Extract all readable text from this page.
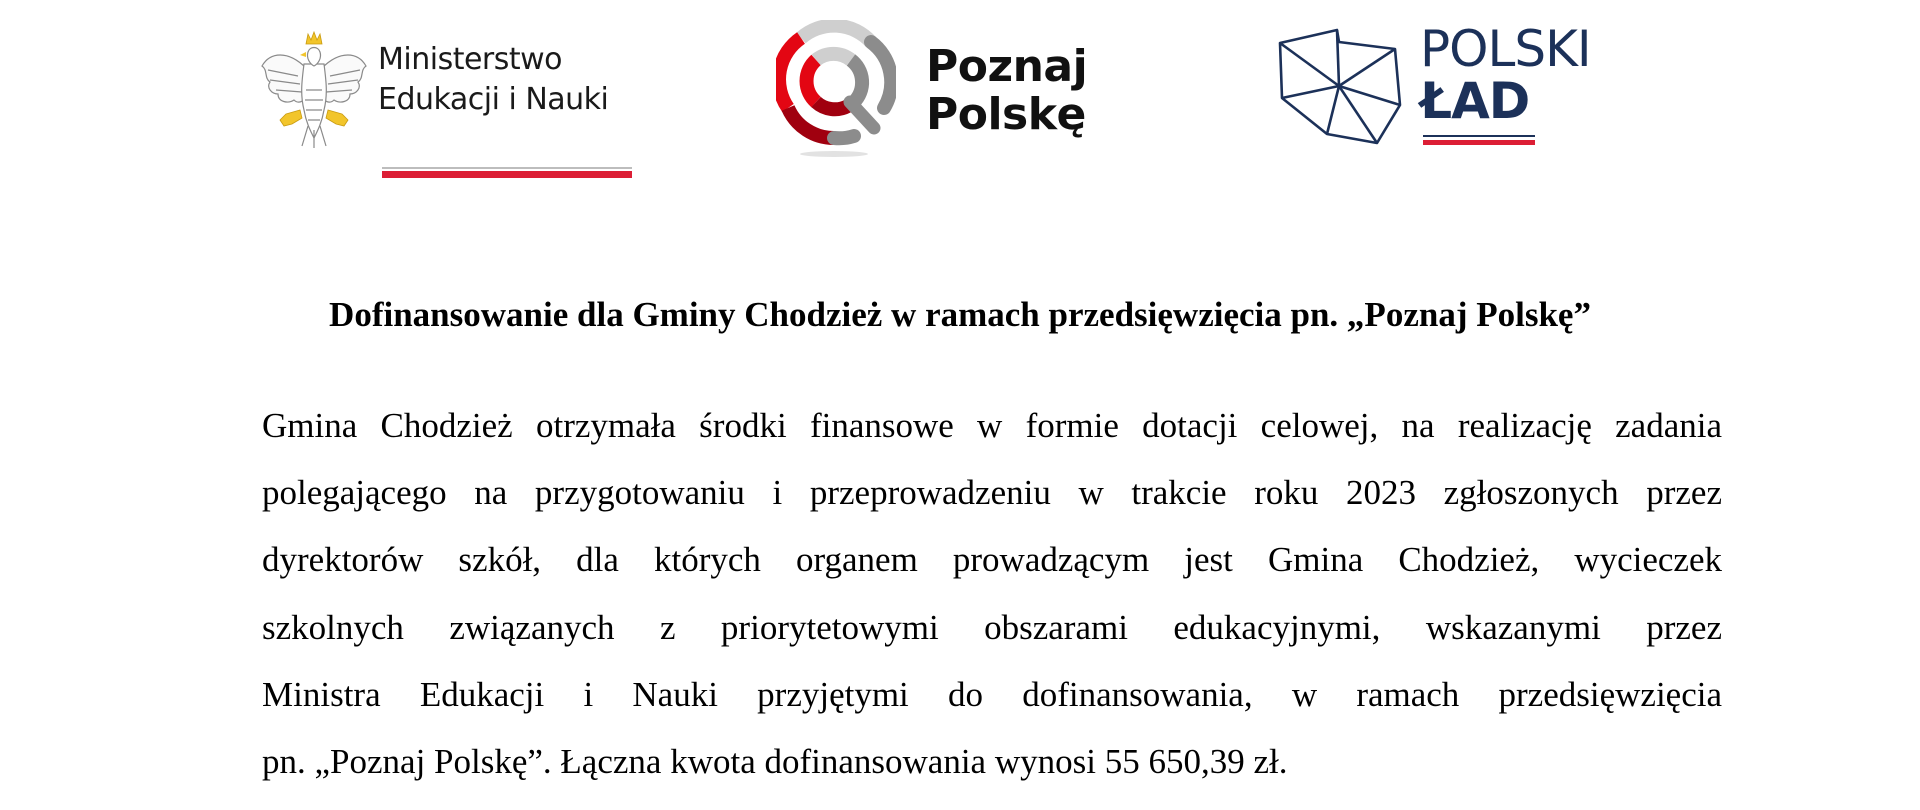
Ministerstwo
Edukacji i Nauki
Poznaj
Polskę
POLSKI
ŁAD
Dofinansowanie dla Gminy Chodzież w ramach przedsięwzięcia pn. „Poznaj Polskę”
Gmina Chodzież otrzymała środki finansowe w formie dotacji celowej, na realizację zadania
polegającego na przygotowaniu i przeprowadzeniu w trakcie roku 2023 zgłoszonych przez
dyrektorów szkół, dla których organem prowadzącym jest Gmina Chodzież, wycieczek
szkolnych związanych z priorytetowymi obszarami edukacyjnymi, wskazanymi przez
Ministra Edukacji i Nauki przyjętymi do dofinansowania, w ramach przedsięwzięcia
pn. „Poznaj Polskę”. Łączna kwota dofinansowania wynosi 55 650,39 zł.
